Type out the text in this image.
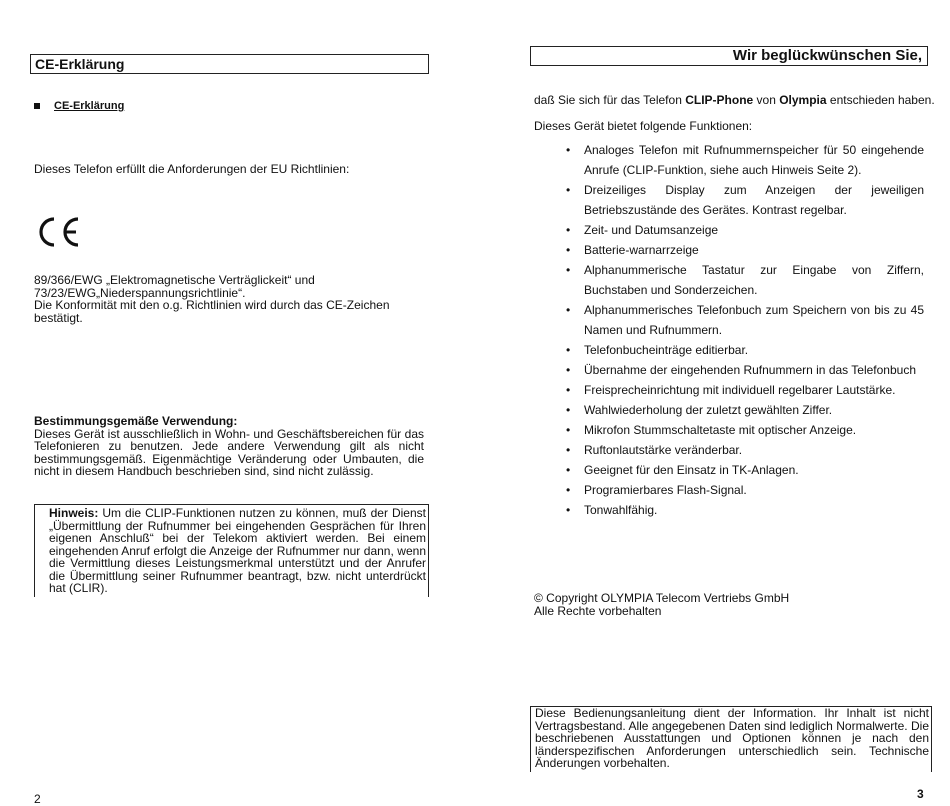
CE-Erklärung
CE-Erklärung
Dieses Telefon erfüllt die Anforderungen der EU Richtlinien:
89/366/EWG „Elektromagnetische Verträglickeit“ und
73/23/EWG„Niederspannungsrichtlinie“.
Die Konformität mit den o.g. Richtlinien wird durch das CE-Zeichen bestätigt.
Bestimmungsgemäße Verwendung:
Dieses Gerät ist ausschließlich in Wohn- und Geschäftsbereichen für das Telefonieren zu benutzen. Jede andere Verwendung gilt als nicht bestimmungsgemäß. Eigenmächtige Veränderung oder Umbauten, die nicht in diesem Handbuch beschrieben sind, sind nicht zulässig.
Hinweis: Um die CLIP-Funktionen nutzen zu können, muß der Dienst „Übermittlung der Rufnummer bei eingehenden Gesprächen für Ihren eigenen Anschluß“ bei der Telekom aktiviert werden. Bei einem eingehenden Anruf erfolgt die Anzeige der Rufnummer nur dann, wenn die Vermittlung dieses Leistungsmerkmal unterstützt und der Anrufer die Übermittlung seiner Rufnummer beantragt, bzw. nicht unterdrückt hat (CLIR).
2
Wir beglückwünschen Sie,
daß Sie sich für das Telefon CLIP-Phone von Olympia entschieden haben.
Dieses Gerät bietet folgende Funktionen:
• Analoges Telefon mit Rufnummernspeicher für 50 eingehende Anrufe (CLIP-Funktion, siehe auch Hinweis Seite 2).
• Dreizeiliges Display zum Anzeigen der jeweiligen Betriebszustände des Gerätes. Kontrast regelbar.
• Zeit- und Datumsanzeige
• Batterie-warnarrzeige
• Alphanummerische Tastatur zur Eingabe von Ziffern, Buchstaben und Sonderzeichen.
• Alphanummerisches Telefonbuch zum Speichern von bis zu 45 Namen und Rufnummern.
• Telefonbucheinträge editierbar.
• Übernahme der eingehenden Rufnummern in das Telefonbuch
• Freisprecheinrichtung mit individuell regelbarer Lautstärke.
• Wahlwiederholung der zuletzt gewählten Ziffer.
• Mikrofon Stummschaltetaste mit optischer Anzeige.
• Ruftonlautstärke veränderbar.
• Geeignet für den Einsatz in TK-Anlagen.
• Programierbares Flash-Signal.
• Tonwahlfähig.
© Copyright OLYMPIA Telecom Vertriebs GmbH
Alle Rechte vorbehalten
Diese Bedienungsanleitung dient der Information. Ihr Inhalt ist nicht Vertragsbestand. Alle angegebenen Daten sind lediglich Normalwerte. Die beschriebenen Ausstattungen und Optionen können je nach den länderspezifischen Anforderungen unterschiedlich sein. Technische Änderungen vorbehalten.
3
